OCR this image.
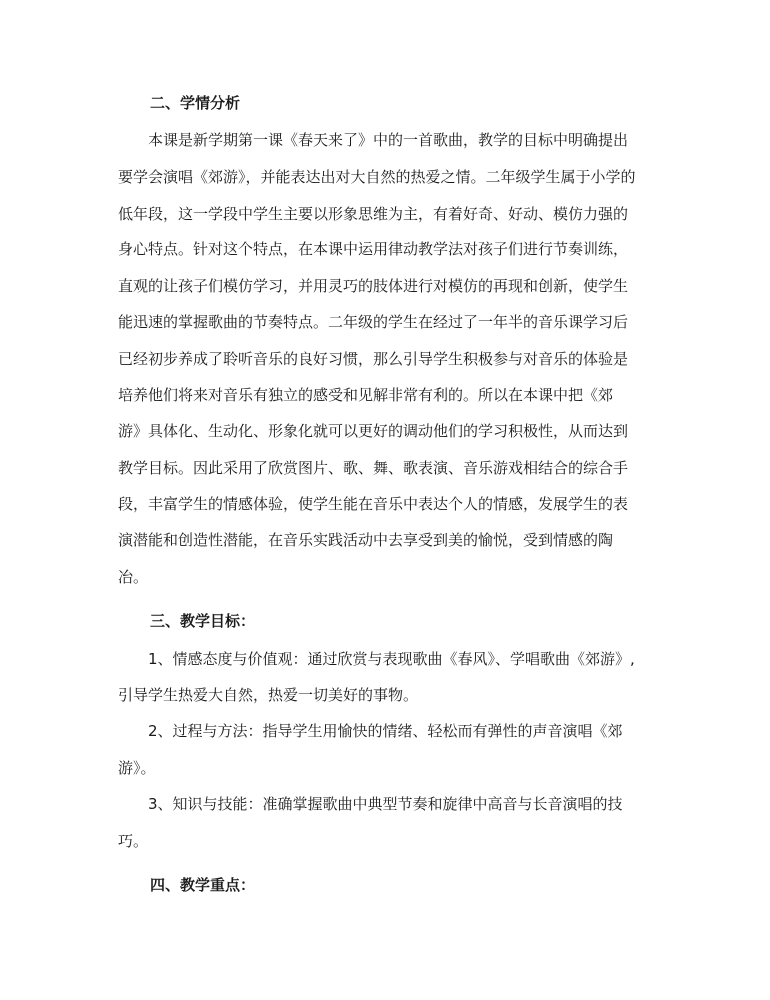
二、学情分析
本课是新学期第一课《春天来了》中的一首歌曲，教学的目标中明确提出
要学会演唱《郊游》，并能表达出对大自然的热爱之情。二年级学生属于小学的
低年段，这一学段中学生主要以形象思维为主，有着好奇、好动、模仿力强的
身心特点。针对这个特点，在本课中运用律动教学法对孩子们进行节奏训练，
直观的让孩子们模仿学习，并用灵巧的肢体进行对模仿的再现和创新，使学生
能迅速的掌握歌曲的节奏特点。二年级的学生在经过了一年半的音乐课学习后
已经初步养成了聆听音乐的良好习惯，那么引导学生积极参与对音乐的体验是
培养他们将来对音乐有独立的感受和见解非常有利的。所以在本课中把《郊
游》具体化、生动化、形象化就可以更好的调动他们的学习积极性，从而达到
教学目标。因此采用了欣赏图片、歌、舞、歌表演、音乐游戏相结合的综合手
段，丰富学生的情感体验，使学生能在音乐中表达个人的情感，发展学生的表
演潜能和创造性潜能，在音乐实践活动中去享受到美的愉悦，受到情感的陶
冶。
三、教学目标：
1、情感态度与价值观：通过欣赏与表现歌曲《春风》、学唱歌曲《郊游》,
引导学生热爱大自然，热爱一切美好的事物。
2、过程与方法：指导学生用愉快的情绪、轻松而有弹性的声音演唱《郊
游》。
3、知识与技能：准确掌握歌曲中典型节奏和旋律中高音与长音演唱的技
巧。
四、教学重点：
